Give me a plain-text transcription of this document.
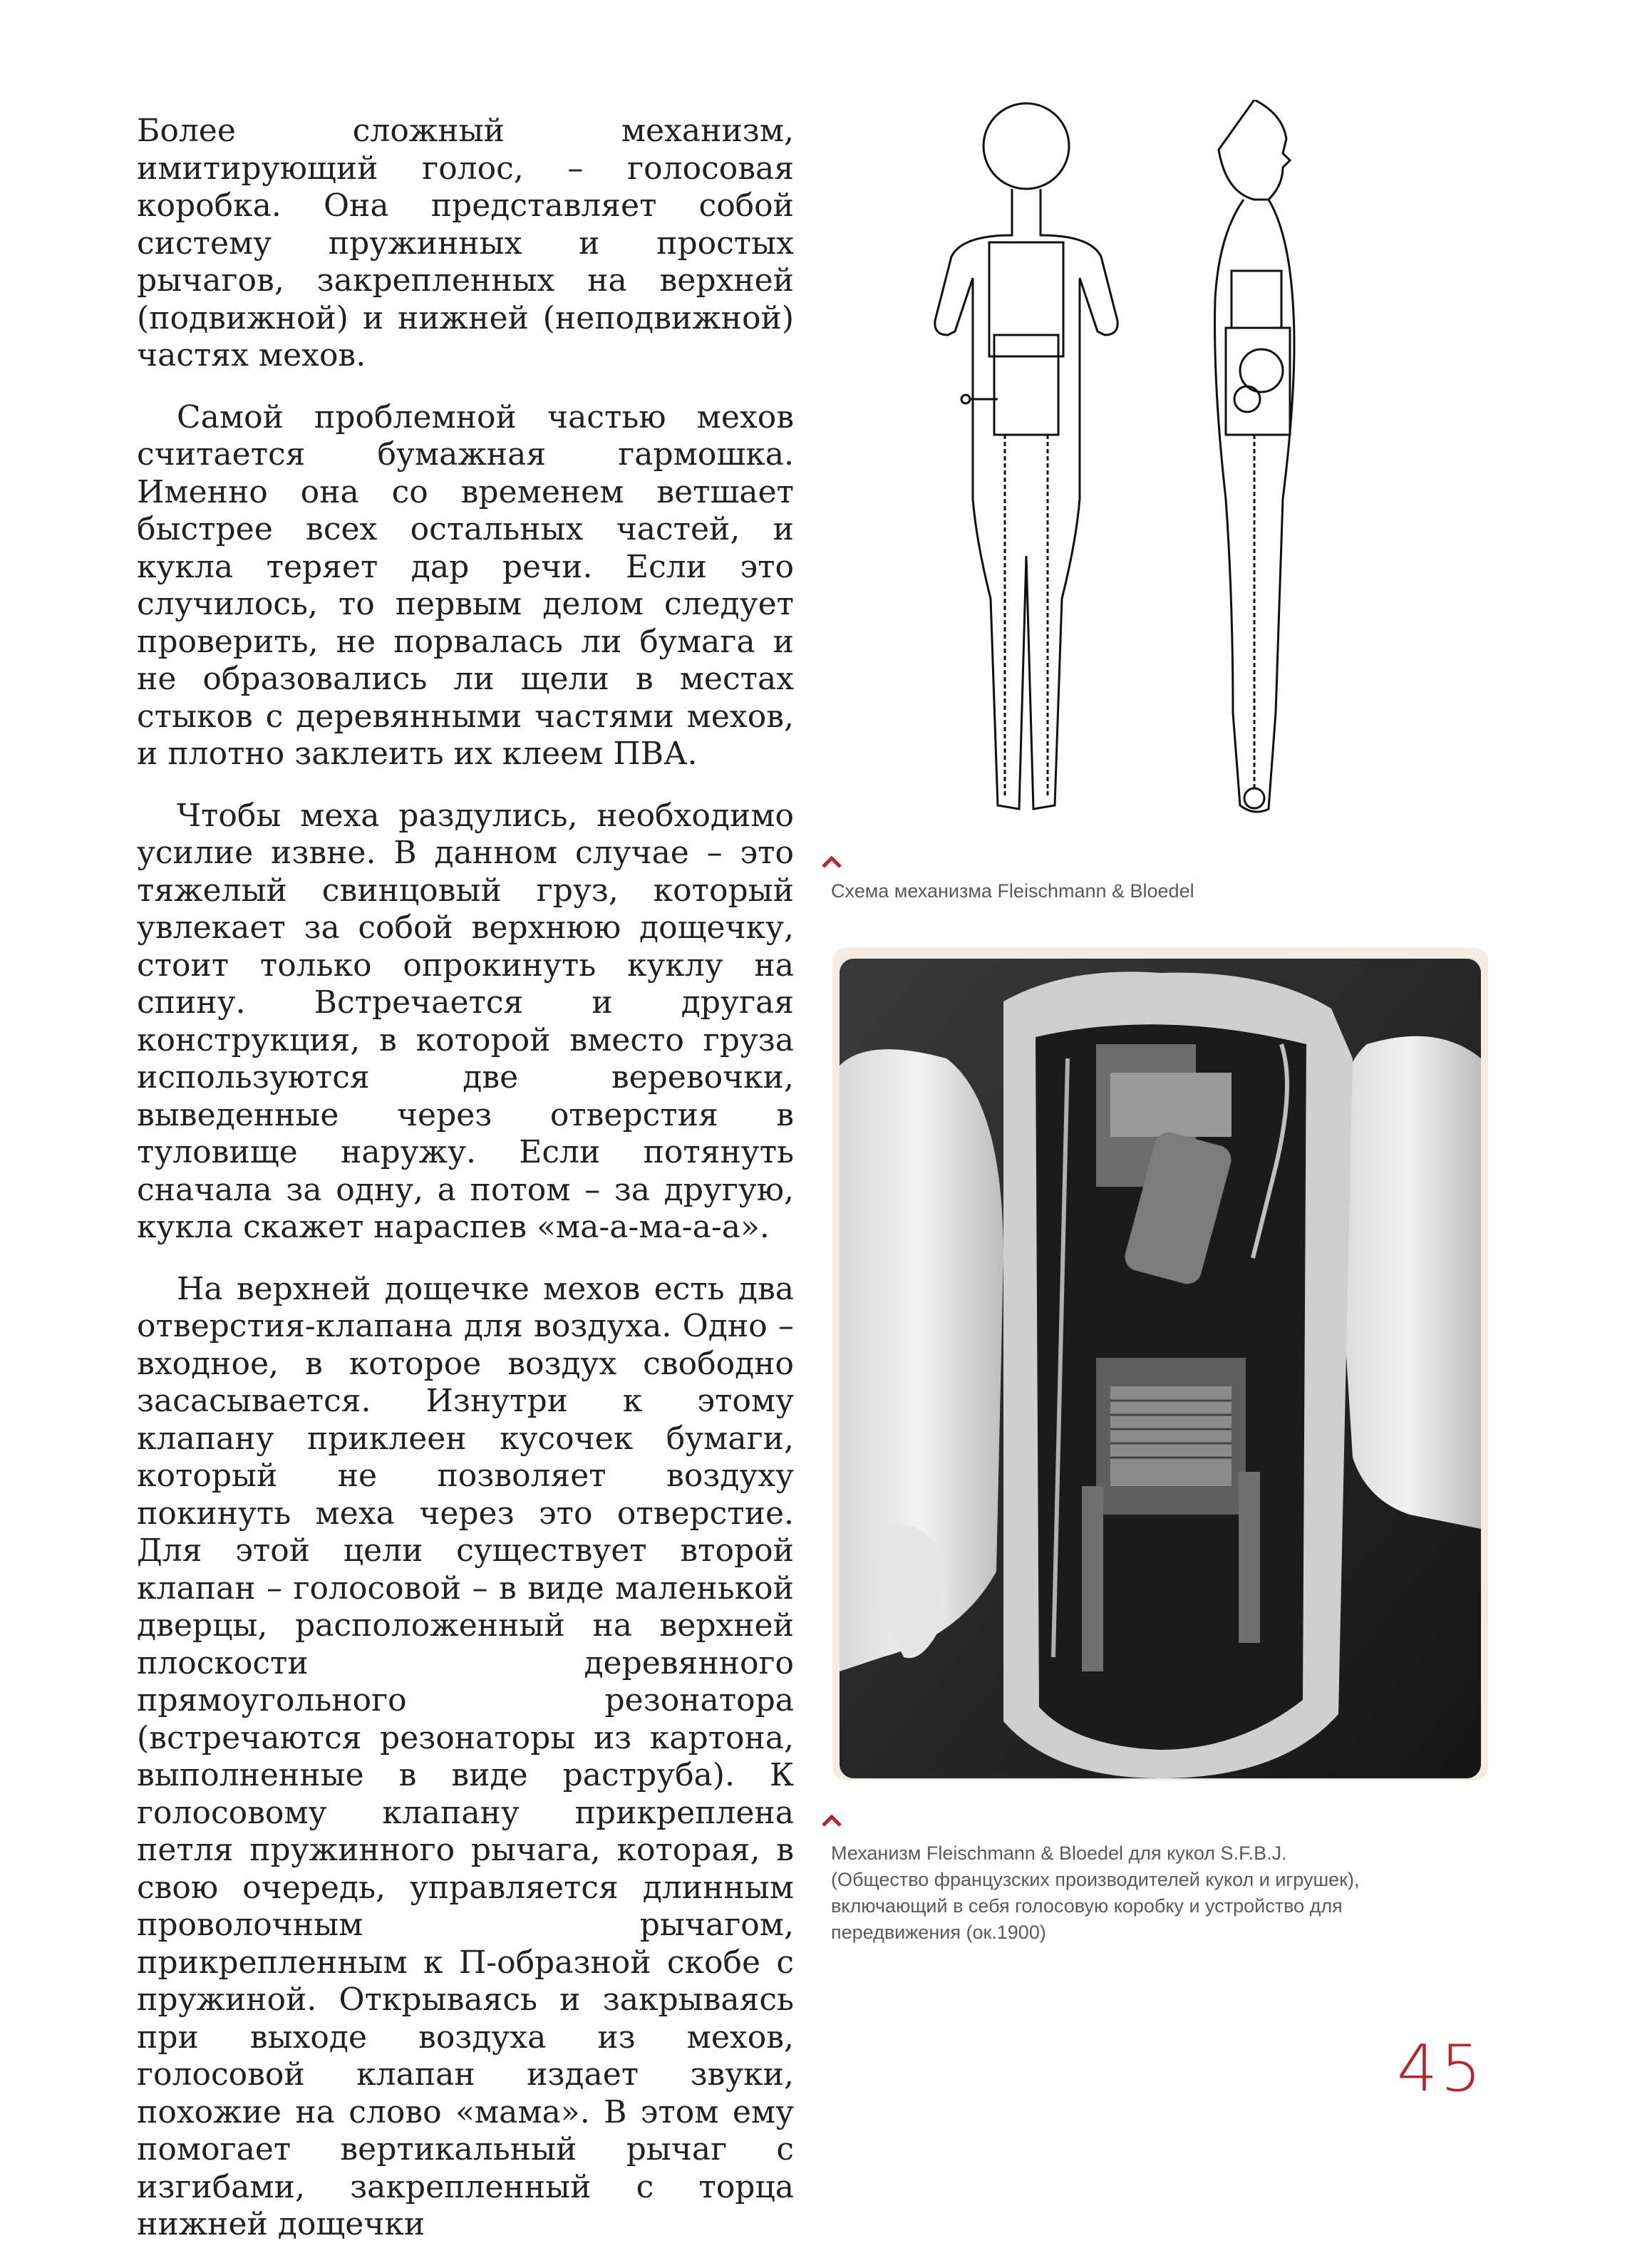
Более сложный механизм, имитирующий голос, – голосовая коробка. Она представляет собой систему пружинных и простых рычагов, закрепленных на верхней (подвижной) и нижней (неподвижной) частях мехов.

Самой проблемной частью мехов считается бумажная гармошка. Именно она со временем ветшает быстрее всех остальных частей, и кукла теряет дар речи. Если это случилось, то первым делом следует проверить, не порвалась ли бумага и не образовались ли щели в местах стыков с деревянными частями мехов, и плотно заклеить их клеем ПВА.

Чтобы меха раздулись, необходимо усилие извне. В данном случае – это тяжелый свинцовый груз, который увлекает за собой верхнюю дощечку, стоит только опрокинуть куклу на спину. Встречается и другая конструкция, в которой вместо груза используются две веревочки, выведенные через отверстия в туловище наружу. Если потянуть сначала за одну, а потом – за другую, кукла скажет нараспев «ма-а-ма-а-а».

На верхней дощечке мехов есть два отверстия-клапана для воздуха. Одно – входное, в которое воздух свободно засасывается. Изнутри к этому клапану приклеен кусочек бумаги, который не позволяет воздуху покинуть меха через это отверстие. Для этой цели существует второй клапан – голосовой – в виде маленькой дверцы, расположенный на верхней плоскости деревянного прямоугольного резонатора (встречаются резонаторы из картона, выполненные в виде раструба). К голосовому клапану прикреплена петля пружинного рычага, которая, в свою очередь, управляется длинным проволочным рычагом, прикрепленным к П-образной скобе с пружиной. Открываясь и закрываясь при выходе воздуха из мехов, голосовой клапан издает звуки, похожие на слово «мама». В этом ему помогает вертикальный рычаг с изгибами, закрепленный с торца нижней дощечки

Схема механизма Fleischmann & Bloedel
Механизм Fleischmann & Bloedel для кукол S.F.B.J.
(Общество французских производителей кукол и игрушек),
включающий в себя голосовую коробку и устройство для
передвижения (ок.1900)
45
